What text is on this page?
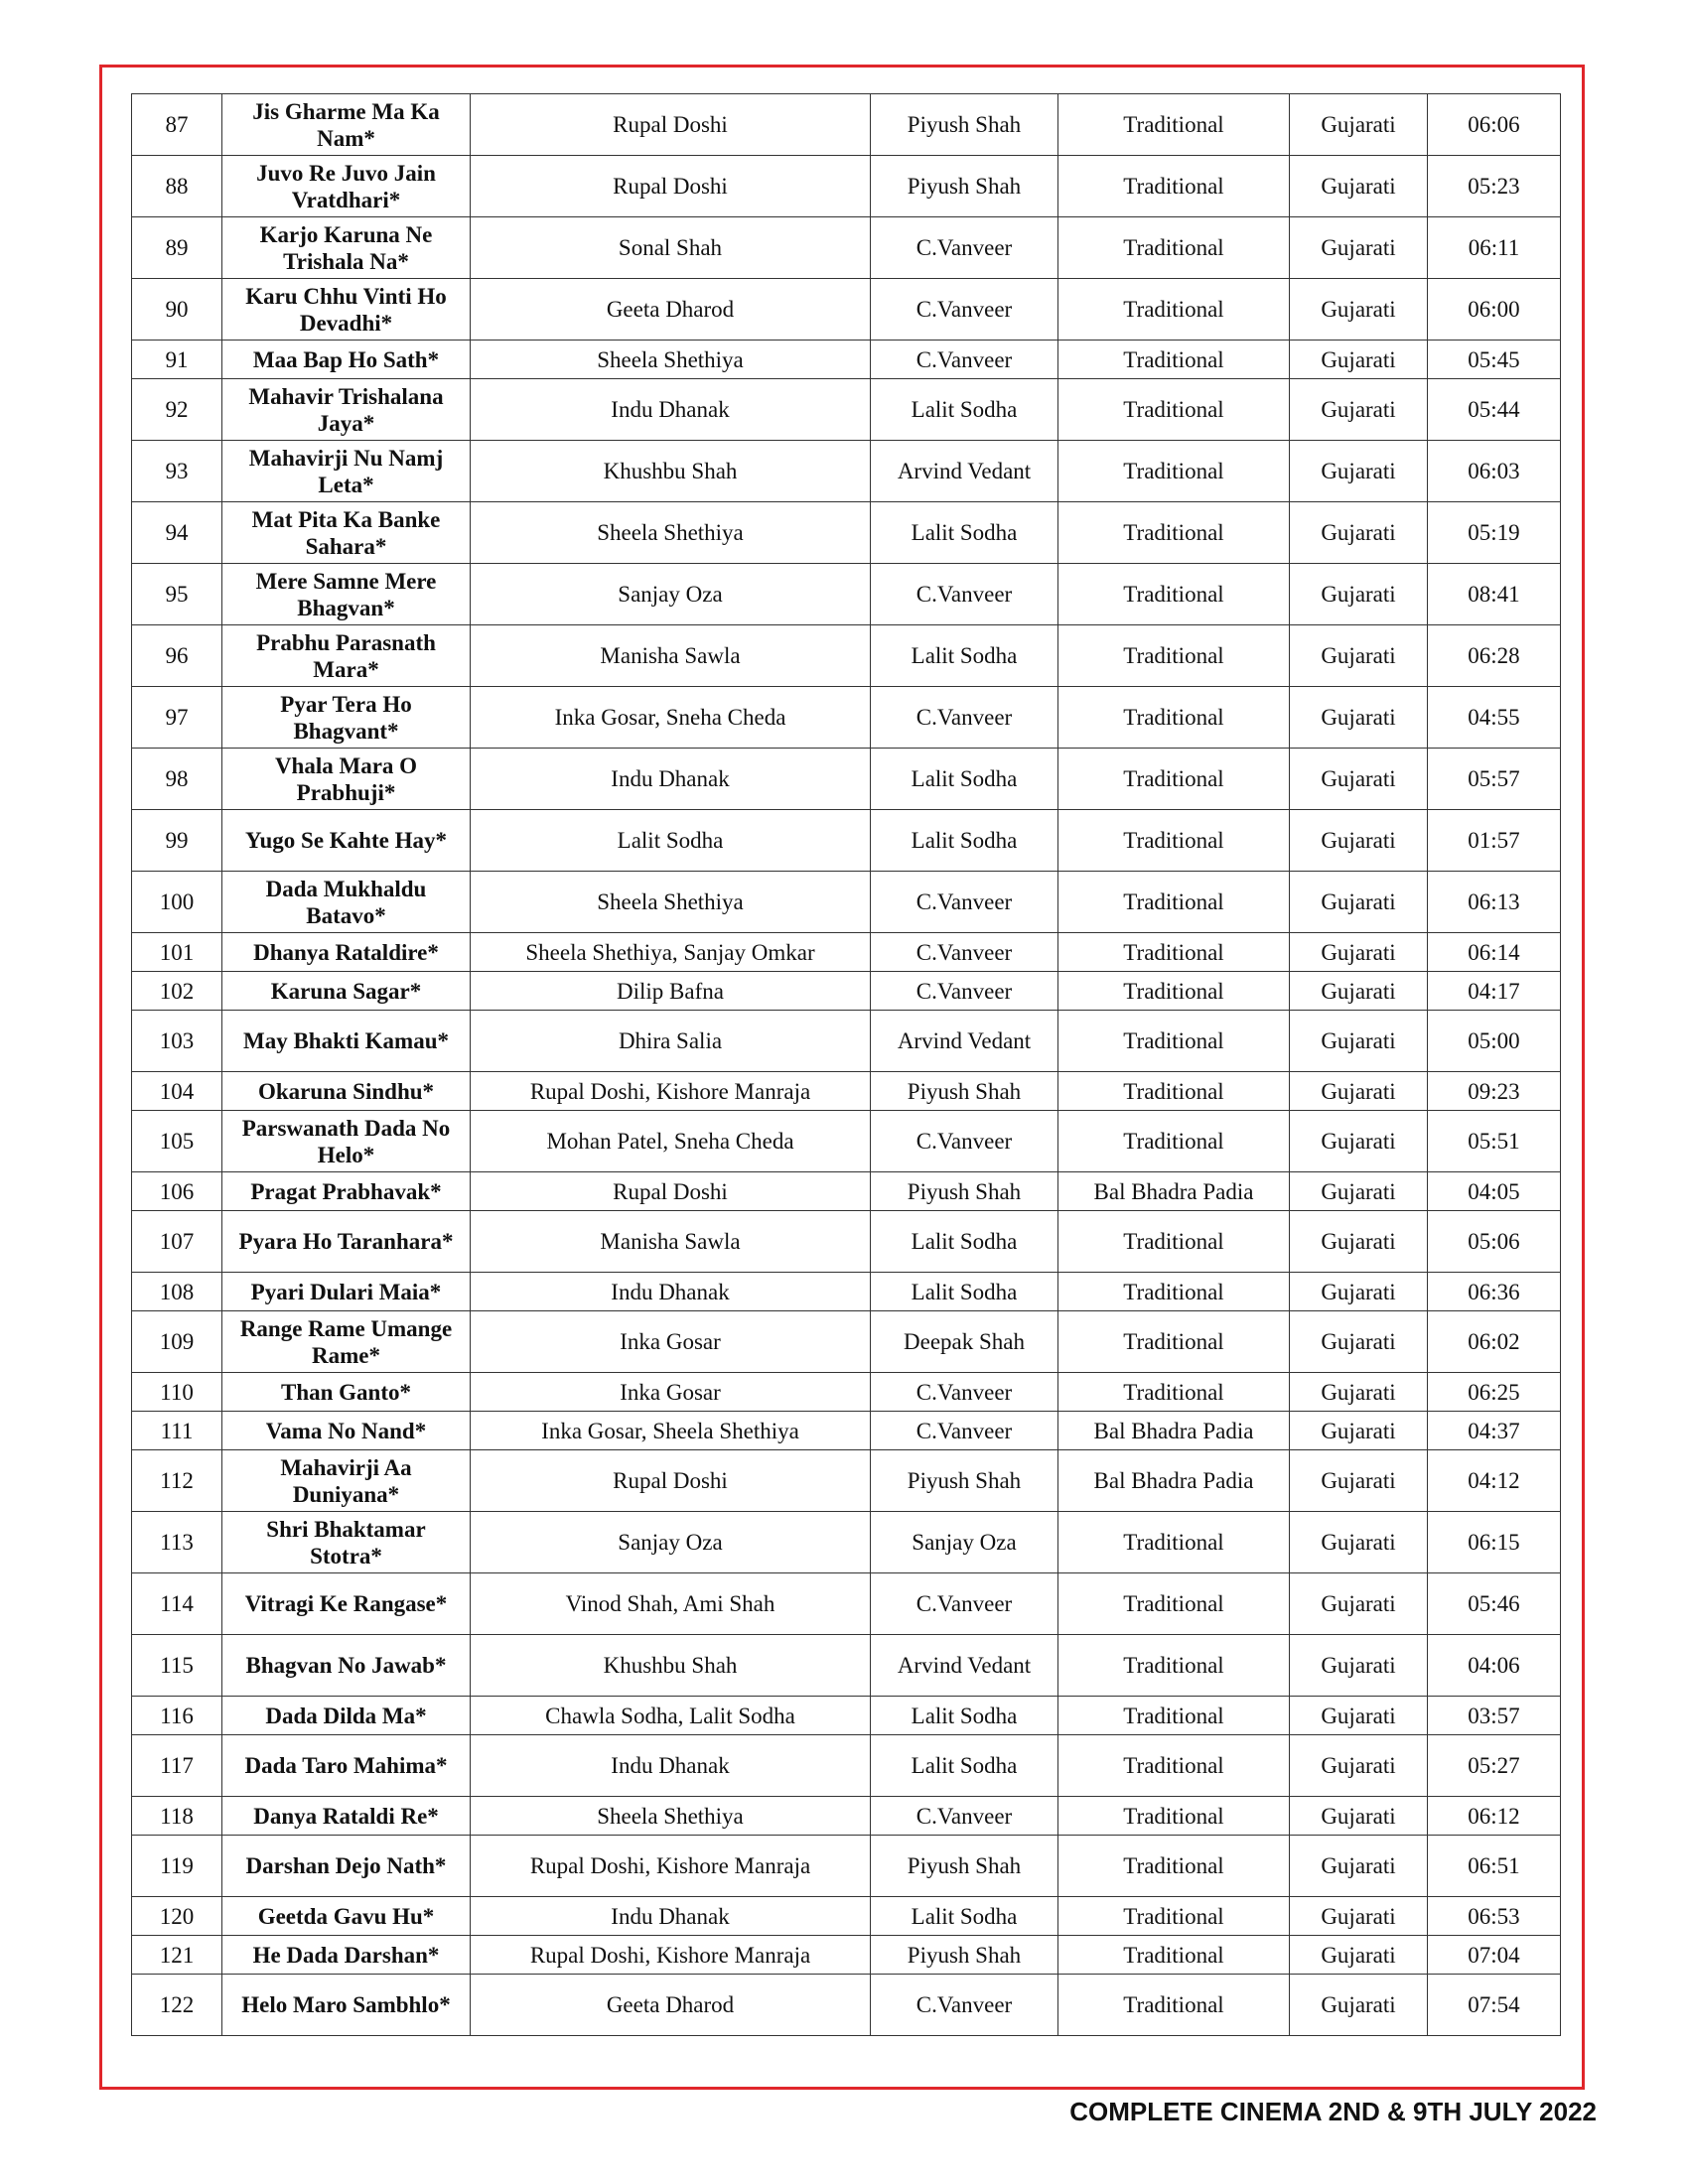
87	Jis Gharme Ma Ka Nam*	Rupal Doshi	Piyush Shah	Traditional	Gujarati	06:06
88	Juvo Re Juvo Jain Vratdhari*	Rupal Doshi	Piyush Shah	Traditional	Gujarati	05:23
89	Karjo Karuna Ne Trishala Na*	Sonal Shah	C.Vanveer	Traditional	Gujarati	06:11
90	Karu Chhu Vinti Ho Devadhi*	Geeta Dharod	C.Vanveer	Traditional	Gujarati	06:00
91	Maa Bap Ho Sath*	Sheela Shethiya	C.Vanveer	Traditional	Gujarati	05:45
92	Mahavir Trishalana Jaya*	Indu Dhanak	Lalit Sodha	Traditional	Gujarati	05:44
93	Mahavirji Nu Namj Leta*	Khushbu Shah	Arvind Vedant	Traditional	Gujarati	06:03
94	Mat Pita Ka Banke Sahara*	Sheela Shethiya	Lalit Sodha	Traditional	Gujarati	05:19
95	Mere Samne Mere Bhagvan*	Sanjay Oza	C.Vanveer	Traditional	Gujarati	08:41
96	Prabhu Parasnath Mara*	Manisha Sawla	Lalit Sodha	Traditional	Gujarati	06:28
97	Pyar Tera Ho Bhagvant*	Inka Gosar, Sneha Cheda	C.Vanveer	Traditional	Gujarati	04:55
98	Vhala Mara O Prabhuji*	Indu Dhanak	Lalit Sodha	Traditional	Gujarati	05:57
99	Yugo Se Kahte Hay*	Lalit Sodha	Lalit Sodha	Traditional	Gujarati	01:57
100	Dada Mukhaldu Batavo*	Sheela Shethiya	C.Vanveer	Traditional	Gujarati	06:13
101	Dhanya Rataldire*	Sheela Shethiya, Sanjay Omkar	C.Vanveer	Traditional	Gujarati	06:14
102	Karuna Sagar*	Dilip Bafna	C.Vanveer	Traditional	Gujarati	04:17
103	May Bhakti Kamau*	Dhira Salia	Arvind Vedant	Traditional	Gujarati	05:00
104	Okaruna Sindhu*	Rupal Doshi, Kishore Manraja	Piyush Shah	Traditional	Gujarati	09:23
105	Parswanath Dada No Helo*	Mohan Patel, Sneha Cheda	C.Vanveer	Traditional	Gujarati	05:51
106	Pragat Prabhavak*	Rupal Doshi	Piyush Shah	Bal Bhadra Padia	Gujarati	04:05
107	Pyara Ho Taranhara*	Manisha Sawla	Lalit Sodha	Traditional	Gujarati	05:06
108	Pyari Dulari Maia*	Indu Dhanak	Lalit Sodha	Traditional	Gujarati	06:36
109	Range Rame Umange Rame*	Inka Gosar	Deepak Shah	Traditional	Gujarati	06:02
110	Than Ganto*	Inka Gosar	C.Vanveer	Traditional	Gujarati	06:25
111	Vama No Nand*	Inka Gosar, Sheela Shethiya	C.Vanveer	Bal Bhadra Padia	Gujarati	04:37
112	Mahavirji Aa Duniyana*	Rupal Doshi	Piyush Shah	Bal Bhadra Padia	Gujarati	04:12
113	Shri Bhaktamar Stotra*	Sanjay Oza	Sanjay Oza	Traditional	Gujarati	06:15
114	Vitragi Ke Rangase*	Vinod Shah, Ami Shah	C.Vanveer	Traditional	Gujarati	05:46
115	Bhagvan No Jawab*	Khushbu Shah	Arvind Vedant	Traditional	Gujarati	04:06
116	Dada Dilda Ma*	Chawla Sodha, Lalit Sodha	Lalit Sodha	Traditional	Gujarati	03:57
117	Dada Taro Mahima*	Indu Dhanak	Lalit Sodha	Traditional	Gujarati	05:27
118	Danya Rataldi Re*	Sheela Shethiya	C.Vanveer	Traditional	Gujarati	06:12
119	Darshan Dejo Nath*	Rupal Doshi, Kishore Manraja	Piyush Shah	Traditional	Gujarati	06:51
120	Geetda Gavu Hu*	Indu Dhanak	Lalit Sodha	Traditional	Gujarati	06:53
121	He Dada Darshan*	Rupal Doshi, Kishore Manraja	Piyush Shah	Traditional	Gujarati	07:04
122	Helo Maro Sambhlo*	Geeta Dharod	C.Vanveer	Traditional	Gujarati	07:54
COMPLETE CINEMA 2ND & 9TH JULY 2022
